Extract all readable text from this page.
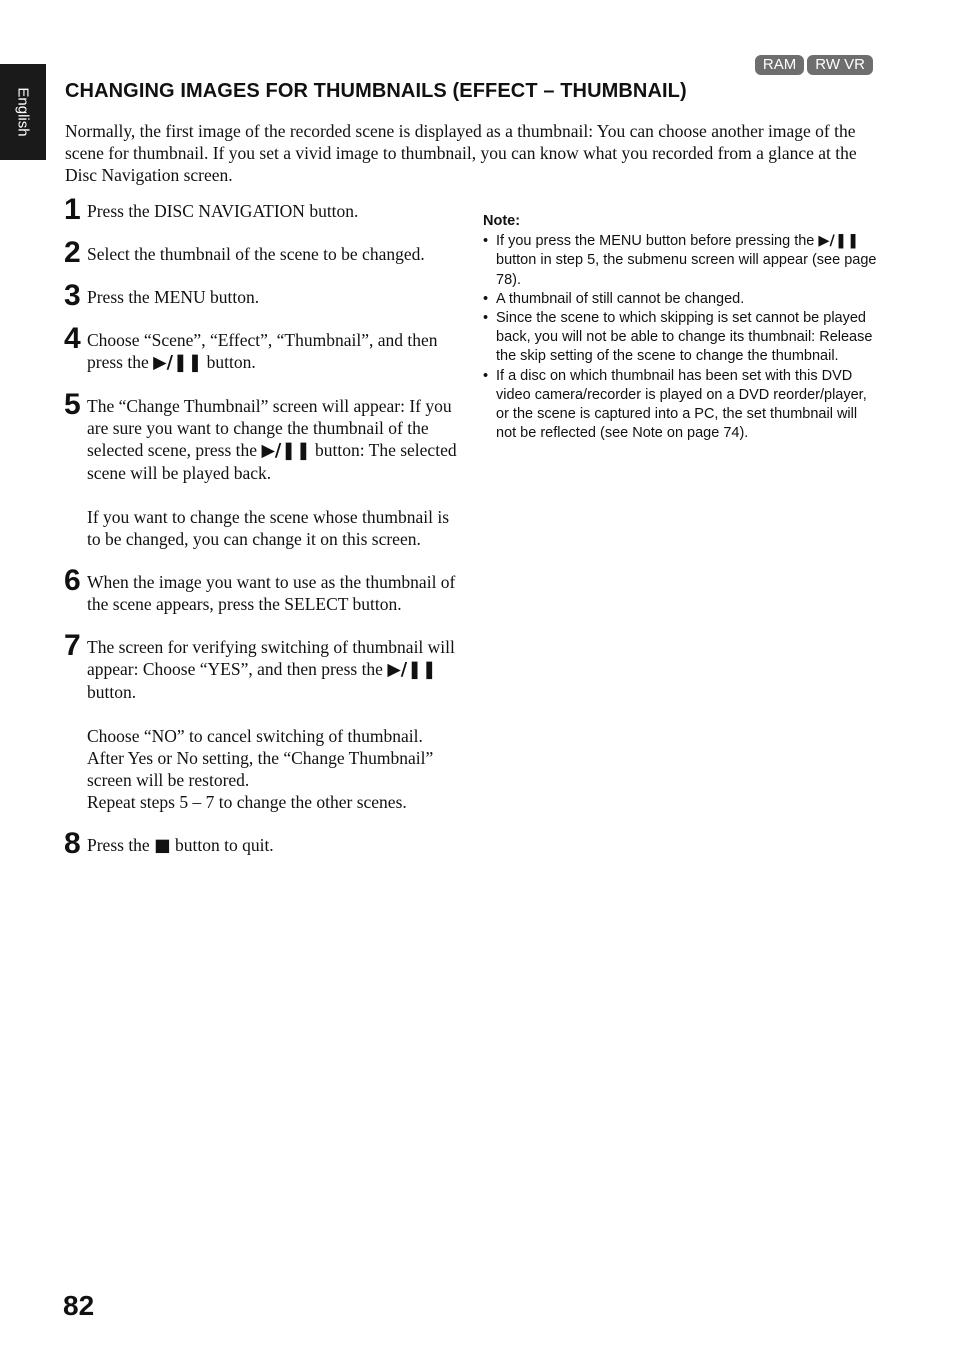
English
RAM	RW VR
CHANGING IMAGES FOR THUMBNAILS (EFFECT – THUMBNAIL)

Normally, the first image of the recorded scene is displayed as a thumbnail: You can choose another image of the scene for thumbnail. If you set a vivid image to thumbnail, you can know what you recorded from a glance at the Disc Navigation screen.

1 Press the DISC NAVIGATION button.

2 Select the thumbnail of the scene to be changed.

3 Press the MENU button.

4 Choose “Scene”, “Effect”, “Thumbnail”, and then press the ▶/❚❚ button.

5 The “Change Thumbnail” screen will appear: If you are sure you want to change the thumbnail of the selected scene, press the ▶/❚❚ button: The selected scene will be played back.

If you want to change the scene whose thumbnail is to be changed, you can change it on this screen.

6 When the image you want to use as the thumbnail of the scene appears, press the SELECT button.

7 The screen for verifying switching of thumbnail will appear: Choose “YES”, and then press the ▶/❚❚ button.

Choose “NO” to cancel switching of thumbnail.

After Yes or No setting, the “Change Thumbnail” screen will be restored.

Repeat steps 5 – 7 to change the other scenes.

8 Press the ■ button to quit.

Note:

• If you press the MENU button before pressing the ▶/❚❚ button in step 5, the submenu screen will appear (see page 78).
• A thumbnail of still cannot be changed.
• Since the scene to which skipping is set cannot be played back, you will not be able to change its thumbnail: Release the skip setting of the scene to change the thumbnail.
• If a disc on which thumbnail has been set with this DVD video camera/recorder is played on a DVD reorder/player, or the scene is captured into a PC, the set thumbnail will not be reflected (see Note on page 74).
82
